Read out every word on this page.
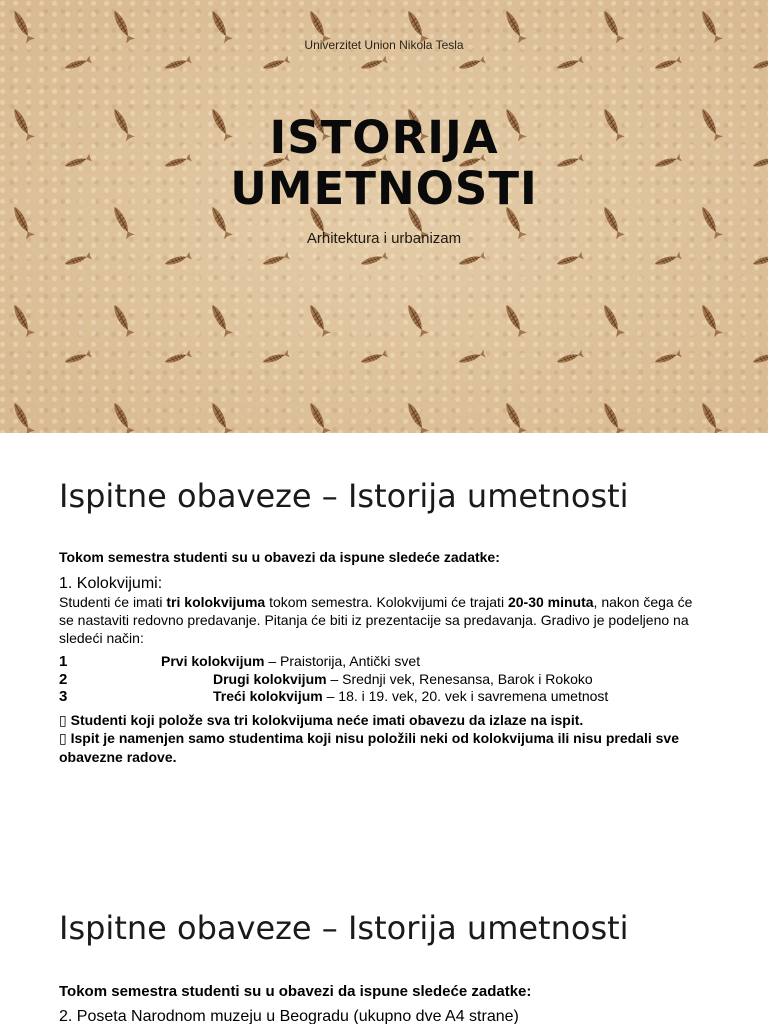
Univerzitet Union Nikola Tesla
ISTORIJA
UMETNOSTI
Arhitektura i urbanizam
Ispitne obaveze – Istorija umetnosti

Tokom semestra studenti su u obavezi da ispune sledeće zadatke:

1. Kolokvijumi:

Studenti će imati tri kolokvijuma tokom semestra. Kolokvijumi će trajati 20-30 minuta, nakon čega će se nastaviti redovno predavanje. Pitanja će biti iz prezentacije sa predavanja. Gradivo je podeljeno na sledeći način:

1	Prvi kolokvijum – Praistorija, Antički svet
2	Drugi kolokvijum – Srednji vek, Renesansa, Barok i Rokoko
3	Treći kolokvijum – 18. i 19. vek, 20. vek i savremena umetnost
▯ Studenti koji polože sva tri kolokvijuma neće imati obavezu da izlaze na ispit.
▯ Ispit je namenjen samo studentima koji nisu položili neki od kolokvijuma ili nisu predali sve obavezne radove.
Ispitne obaveze – Istorija umetnosti

Tokom semestra studenti su u obavezi da ispune sledeće zadatke:

2. Poseta Narodnom muzeju u Beogradu (ukupno dve A4 strane)
